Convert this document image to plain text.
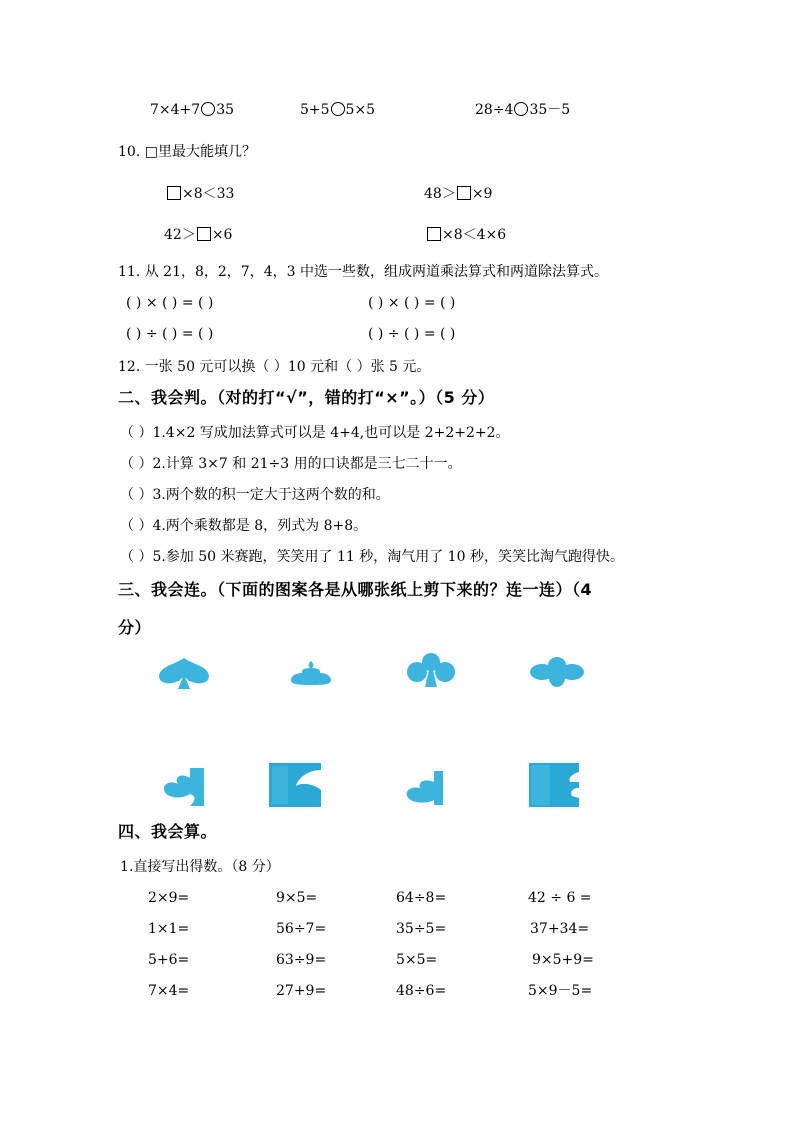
7×4+7 35	5+5 5×5	28÷4 35－5
10. □里最大能填几？
×8＜33	48＞ ×9
42＞ ×6	×8＜4×6
11. 从 21，8，2，7，4，3 中选一些数，组成两道乘法算式和两道除法算式。
( ) × ( ) = ( )	( ) × ( ) = ( )
( ) ÷ ( ) = ( )	( ) ÷ ( ) = ( )
12. 一张 50 元可以换（ ）10 元和（ ）张 5 元。
二、我会判。（对的打“√”，错的打“×”。）（5 分）
（ ）1.4×2 写成加法算式可以是 4+4,也可以是 2+2+2+2。
（ ）2.计算 3×7 和 21÷3 用的口诀都是三七二十一。
（ ）3.两个数的积一定大于这两个数的和。
（ ）4.两个乘数都是 8，列式为 8+8。
（ ）5.参加 50 米赛跑，笑笑用了 11 秒，淘气用了 10 秒，笑笑比淘气跑得快。
三、我会连。（下面的图案各是从哪张纸上剪下来的？连一连）（4
分）
四、我会算。
1.直接写出得数。（8 分）
2×9=	9×5=	64÷8=	42 ÷ 6 =
1×1=	56÷7=	35÷5=	37+34=
5+6=	63÷9=	5×5=	9×5+9=
7×4=	27+9=	48÷6=	5×9－5=
